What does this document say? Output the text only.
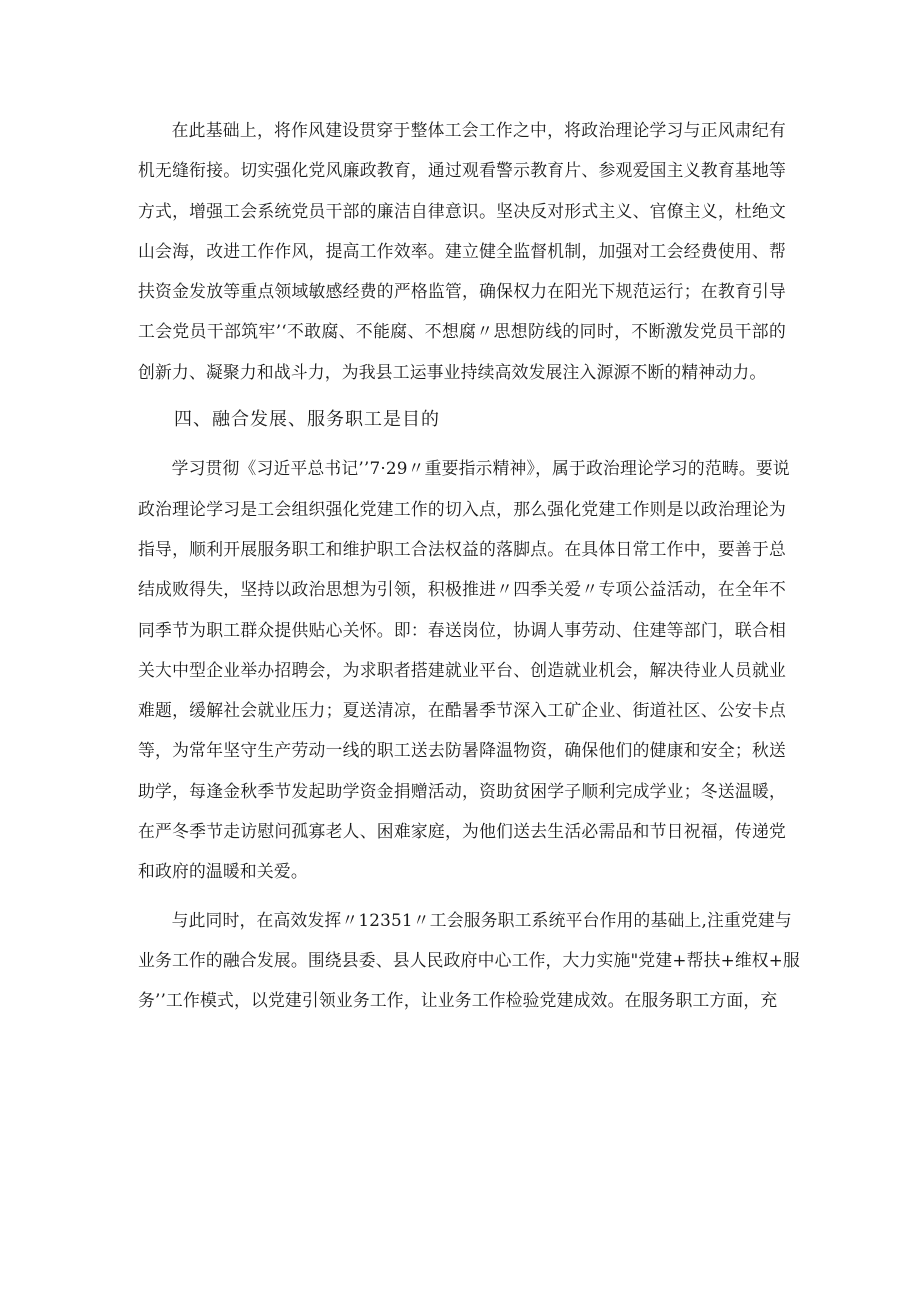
在此基础上，将作风建设贯穿于整体工会工作之中，将政治理论学习与正风肃纪有
机无缝衔接。切实强化党风廉政教育，通过观看警示教育片、参观爱国主义教育基地等
方式，增强工会系统党员干部的廉洁自律意识。坚决反对形式主义、官僚主义，杜绝文
山会海，改进工作作风，提高工作效率。建立健全监督机制，加强对工会经费使用、帮
扶资金发放等重点领域敏感经费的严格监管，确保权力在阳光下规范运行；在教育引导
工会党员干部筑牢’‘不敢腐、不能腐、不想腐〃思想防线的同时，不断激发党员干部的
创新力、凝聚力和战斗力，为我县工运事业持续高效发展注入源源不断的精神动力。

四、融合发展、服务职工是目的

学习贯彻《习近平总书记’’7·29〃重要指示精神》，属于政治理论学习的范畴。要说
政治理论学习是工会组织强化党建工作的切入点，那么强化党建工作则是以政治理论为
指导，顺利开展服务职工和维护职工合法权益的落脚点。在具体日常工作中，要善于总
结成败得失，坚持以政治思想为引领，积极推进〃四季关爱〃专项公益活动，在全年不
同季节为职工群众提供贴心关怀。即：春送岗位，协调人事劳动、住建等部门，联合相
关大中型企业举办招聘会，为求职者搭建就业平台、创造就业机会，解决待业人员就业
难题，缓解社会就业压力；夏送清凉，在酷暑季节深入工矿企业、街道社区、公安卡点
等，为常年坚守生产劳动一线的职工送去防暑降温物资，确保他们的健康和安全；秋送
助学，每逢金秋季节发起助学资金捐赠活动，资助贫困学子顺利完成学业；冬送温暖，
在严冬季节走访慰问孤寡老人、困难家庭，为他们送去生活必需品和节日祝福，传递党
和政府的温暖和关爱。

与此同时，在高效发挥〃12351〃工会服务职工系统平台作用的基础上,注重党建与
业务工作的融合发展。围绕县委、县人民政府中心工作，大力实施"党建+帮扶+维权+服
务’’工作模式，以党建引领业务工作，让业务工作检验党建成效。在服务职工方面，充
